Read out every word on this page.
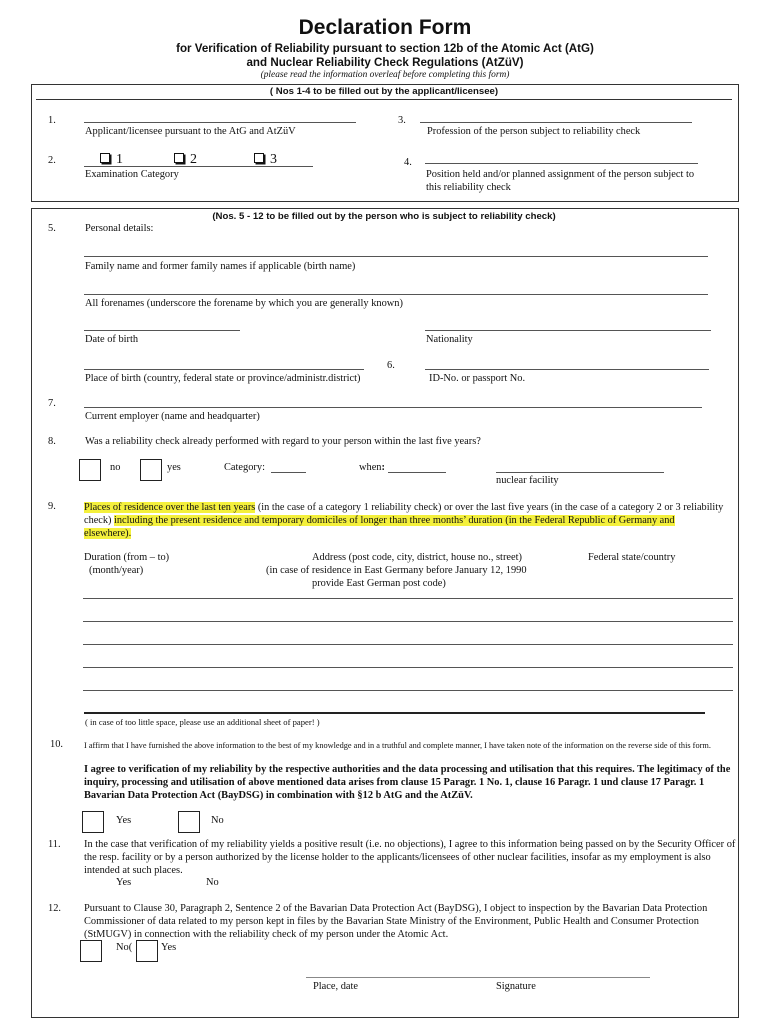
Declaration Form
for Verification of Reliability pursuant to section 12b of the Atomic Act (AtG)
and Nuclear Reliability Check Regulations (AtZüV)
(please read the information overleaf before completing this form)
( Nos 1-4 to be filled out by the applicant/licensee)
1.
Applicant/licensee pursuant to the AtG and AtZüV
3.
Profession of the person subject to reliability check
2.	1	2	3
Examination Category
4.
Position held and/or planned assignment of the person subject to
this reliability check
(Nos. 5 - 12 to be filled out by the person who is subject to reliability check)
5.	Personal details:
Family name and former family names if applicable (birth name)
All forenames (underscore the forename by which you are generally known)
Date of birth	Nationality
6.
Place of birth (country, federal state or province/administr.district)	ID-No. or passport No.
7.
Current employer (name and headquarter)
8.	Was a reliability check already performed with regard to your person within the last five years?
no	yes	Category:	when:
nuclear facility
9.	Places of residence over the last ten years (in the case of a category 1 reliability check) or over the last five years (in the case of a category 2 or 3 reliability check) including the present residence and temporary domiciles of longer than three months’ duration (in the Federal Republic of Germany and elsewhere).
Duration (from – to)
(month/year)
Address (post code, city, district, house no., street)
(in case of residence in East Germany before January 12, 1990
provide East German post code)
Federal state/country
( in case of too little space, please use an additional sheet of paper! )
10.	I affirm that I have furnished the above information to the best of my knowledge and in a truthful and complete manner, I have taken note of the information on the reverse side of this form.
I agree to verification of my reliability by the respective authorities and the data processing and utilisation that this requires. The legitimacy of the inquiry, processing and utilisation of above mentioned data arises from clause 15 Paragr. 1 No. 1, clause 16 Paragr. 1 und clause 17 Paragr. 1 Bavarian Data Protection Act (BayDSG) in combination with §12 b AtG and the AtZüV.
Yes	No
11. In the case that verification of my reliability yields a positive result (i.e. no objections), I agree to this information being passed on by the Security Officer of the resp. facility or by a person authorized by the license holder to the applicants/licensees of other nuclear facilities, insofar as my employment is also intended at such places.
Yes	No
12. Pursuant to Clause 30, Paragraph 2, Sentence 2 of the Bavarian Data Protection Act (BayDSG), I object to inspection by the Bavarian Data Protection Commissioner of data related to my person kept in files by the Bavarian State Ministry of the Environment, Public Health and Consumer Protection (StMUGV) in connection with the reliability check of my person under the Atomic Act.
No(	Yes
Place, date	Signature
